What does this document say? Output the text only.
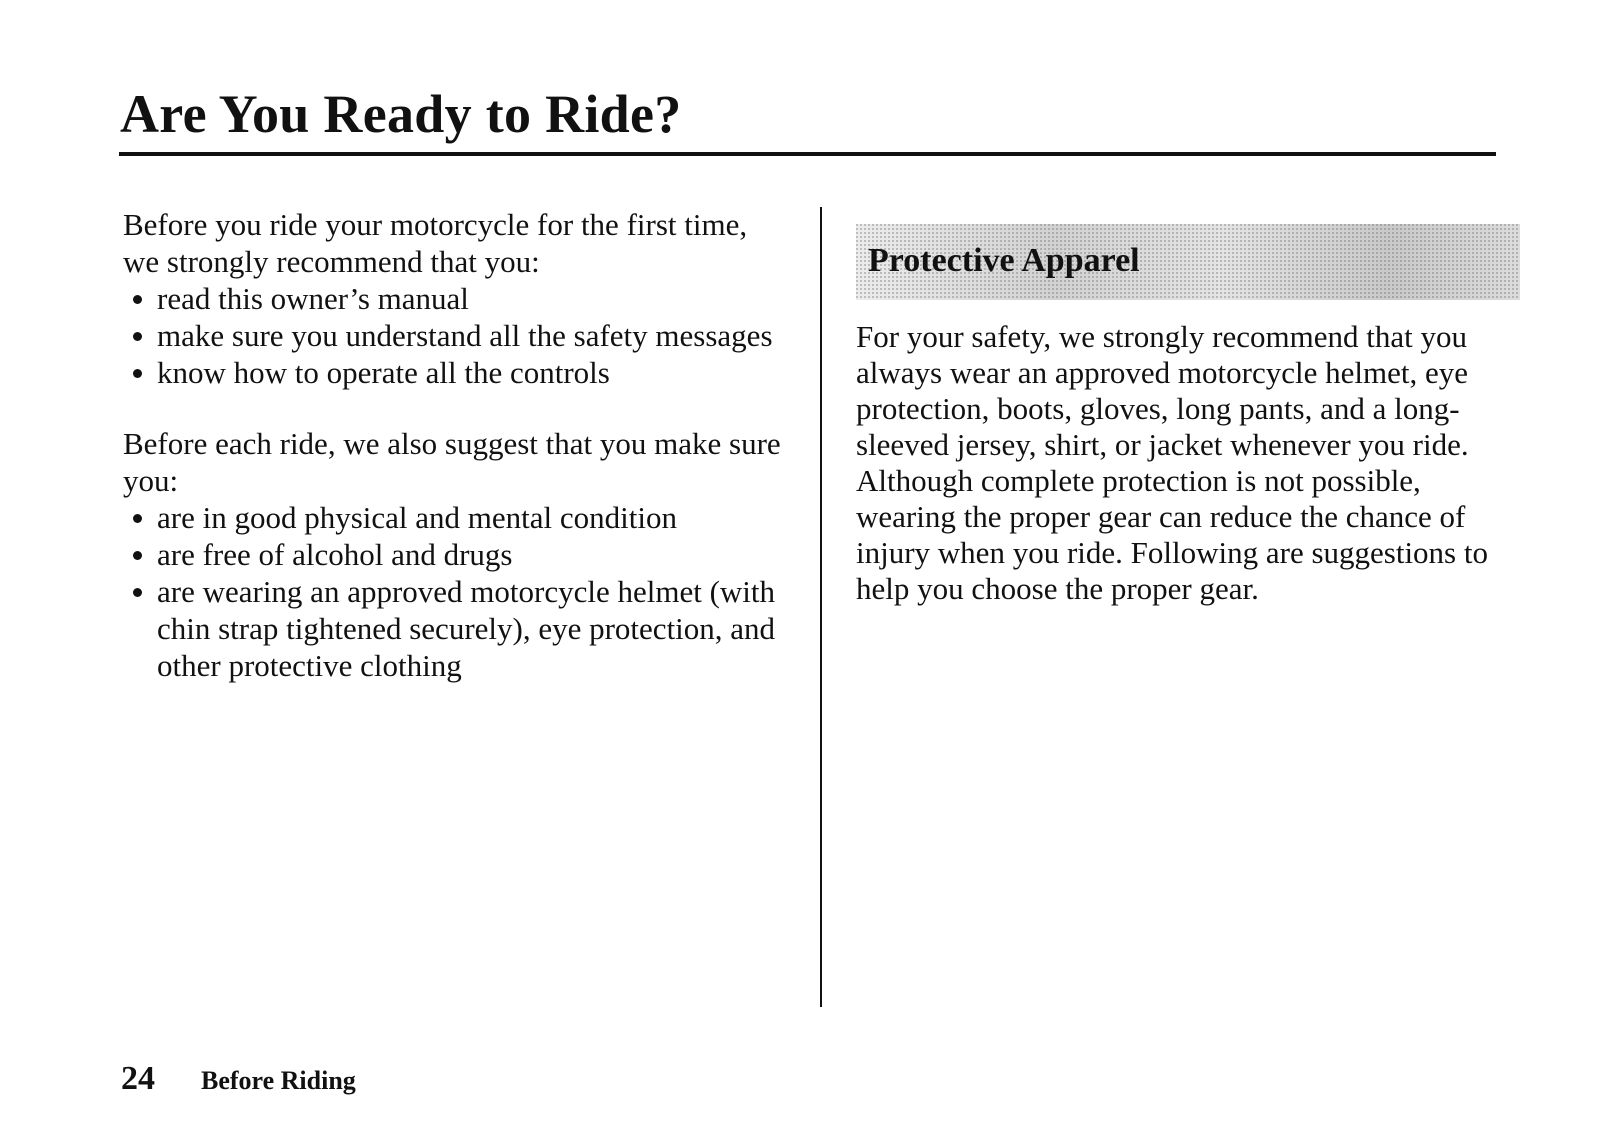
Are You Ready to Ride?

Before you ride your motorcycle for the first time, we strongly recommend that you:

read this owner’s manual
make sure you understand all the safety messages
know how to operate all the controls

Before each ride, we also suggest that you make sure you:

are in good physical and mental condition
are free of alcohol and drugs
are wearing an approved motorcycle helmet (with chin strap tightened securely), eye protection, and other protective clothing
Protective Apparel

For your safety, we strongly recommend that you always wear an approved motorcycle helmet, eye protection, boots, gloves, long pants, and a long-sleeved jersey, shirt, or jacket whenever you ride. Although complete protection is not possible, wearing the proper gear can reduce the chance of injury when you ride. Following are suggestions to help you choose the proper gear.

24 Before Riding
